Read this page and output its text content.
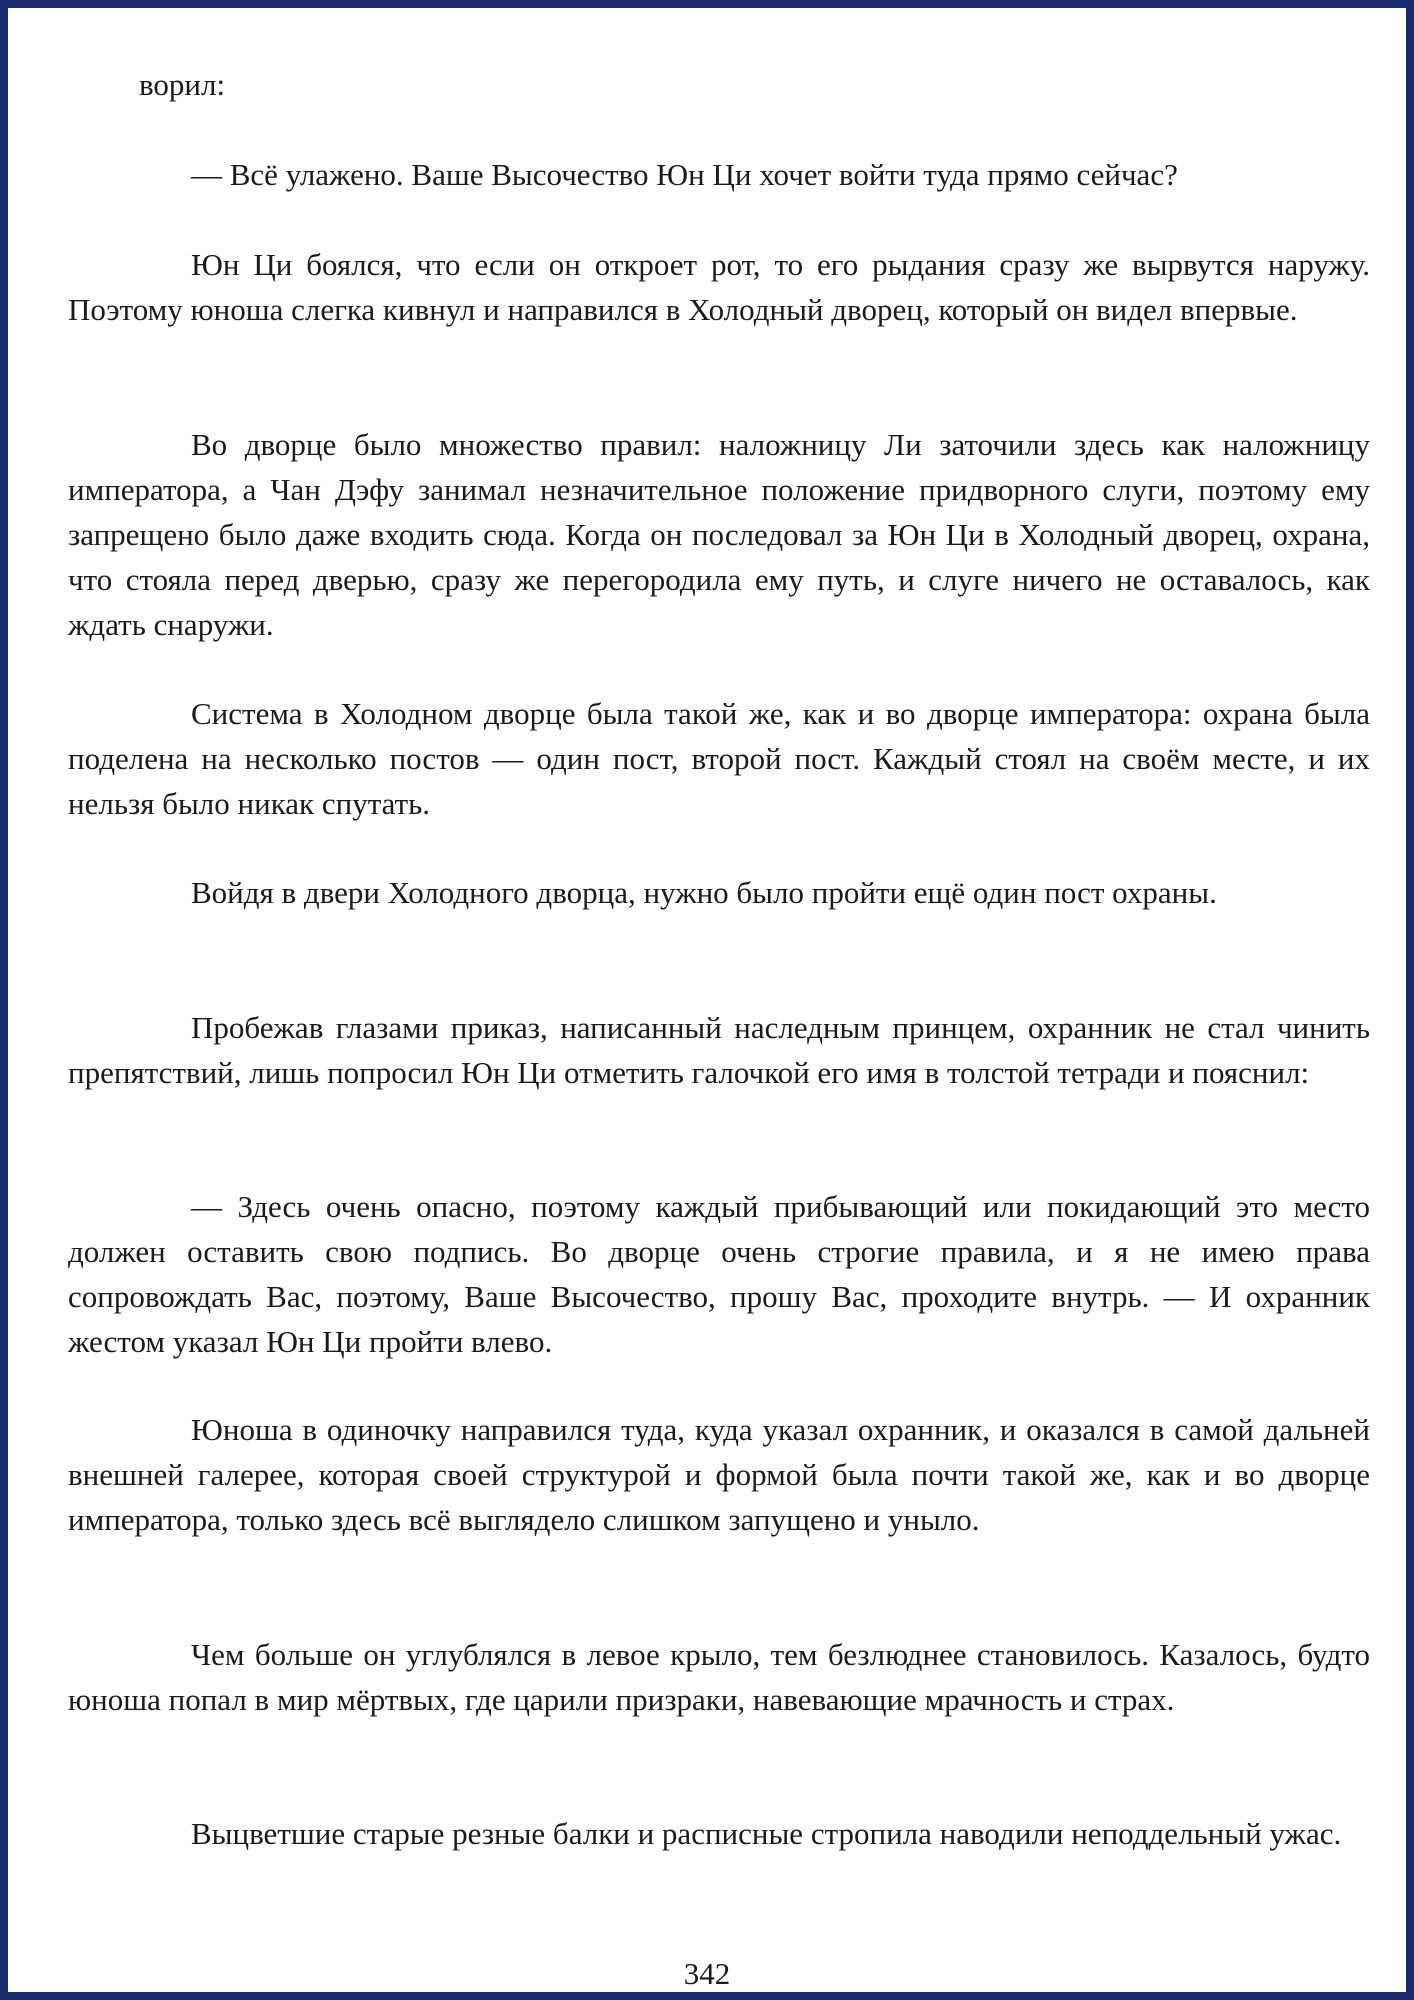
ворил:

— Всё улажено. Ваше Высочество Юн Ци хочет войти туда прямо сейчас?

Юн Ци боялся, что если он откроет рот, то его рыдания сразу же вырвутся наружу. Поэтому юноша слегка кивнул и направился в Холодный дворец, который он видел впервые.

Во дворце было множество правил: наложницу Ли заточили здесь как наложницу императора, а Чан Дэфу занимал незначительное положение придворного слуги, поэтому ему запрещено было даже входить сюда. Когда он последовал за Юн Ци в Холодный дворец, охрана, что стояла перед дверью, сразу же перегородила ему путь, и слуге ничего не оставалось, как ждать снаружи.

Система в Холодном дворце была такой же, как и во дворце императора: охрана была поделена на несколько постов — один пост, второй пост. Каждый стоял на своём месте, и их нельзя было никак спутать.

Войдя в двери Холодного дворца, нужно было пройти ещё один пост охраны.

Пробежав глазами приказ, написанный наследным принцем, охранник не стал чинить препятствий, лишь попросил Юн Ци отметить галочкой его имя в толстой тетради и пояснил:

— Здесь очень опасно, поэтому каждый прибывающий или покидающий это место должен оставить свою подпись. Во дворце очень строгие правила, и я не имею права сопровождать Вас, поэтому, Ваше Высочество, прошу Вас, проходите внутрь. — И охранник жестом указал Юн Ци пройти влево.

Юноша в одиночку направился туда, куда указал охранник, и оказался в самой дальней внешней галерее, которая своей структурой и формой была почти такой же, как и во дворце императора, только здесь всё выглядело слишком запущено и уныло.

Чем больше он углублялся в левое крыло, тем безлюднее становилось. Казалось, будто юноша попал в мир мёртвых, где царили призраки, навевающие мрачность и страх.

Выцветшие старые резные балки и расписные стропила наводили неподдельный ужас.

342
